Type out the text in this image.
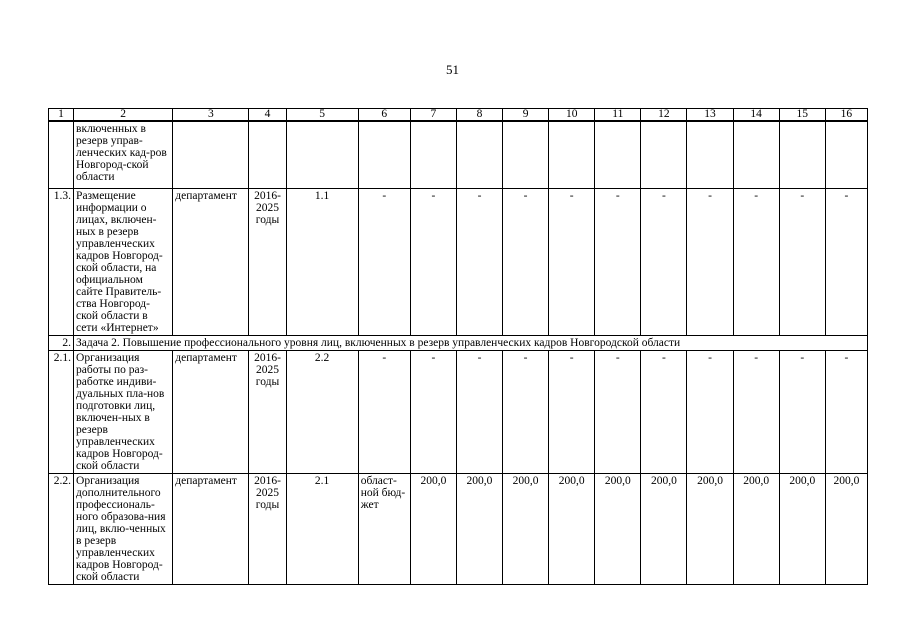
51
1	2	3	4	5	6	7	8	9	10	11	12	13	14	15	16
	включенных в резерв управ-ленческих кад-ров Новгород-ской области														
1.3.	Размещение информации о лицах, включен-ных в резерв управленческих кадров Новгород-ской области, на официальном сайте Правитель-ства Новгород-ской области в сети «Интернет»	департамент	2016-2025 годы	1.1	-	-	-	-	-	-	-	-	-	-	-
2.	Задача 2. Повышение профессионального уровня лиц, включенных в резерв управленческих кадров Новгородской области														
2.1.	Организация работы по раз-работке индиви-дуальных пла-нов подготовки лиц, включен-ных в резерв управленческих кадров Новгород-ской области	департамент	2016-2025 годы	2.2	-	-	-	-	-	-	-	-	-	-	-
2.2.	Организация дополнительного профессиональ-ного образова-ния лиц, вклю-ченных в резерв управленческих кадров Новгород-ской области	департамент	2016-2025 годы	2.1	област-ной бюд-жет	200,0	200,0	200,0	200,0	200,0	200,0	200,0	200,0	200,0	200,0
